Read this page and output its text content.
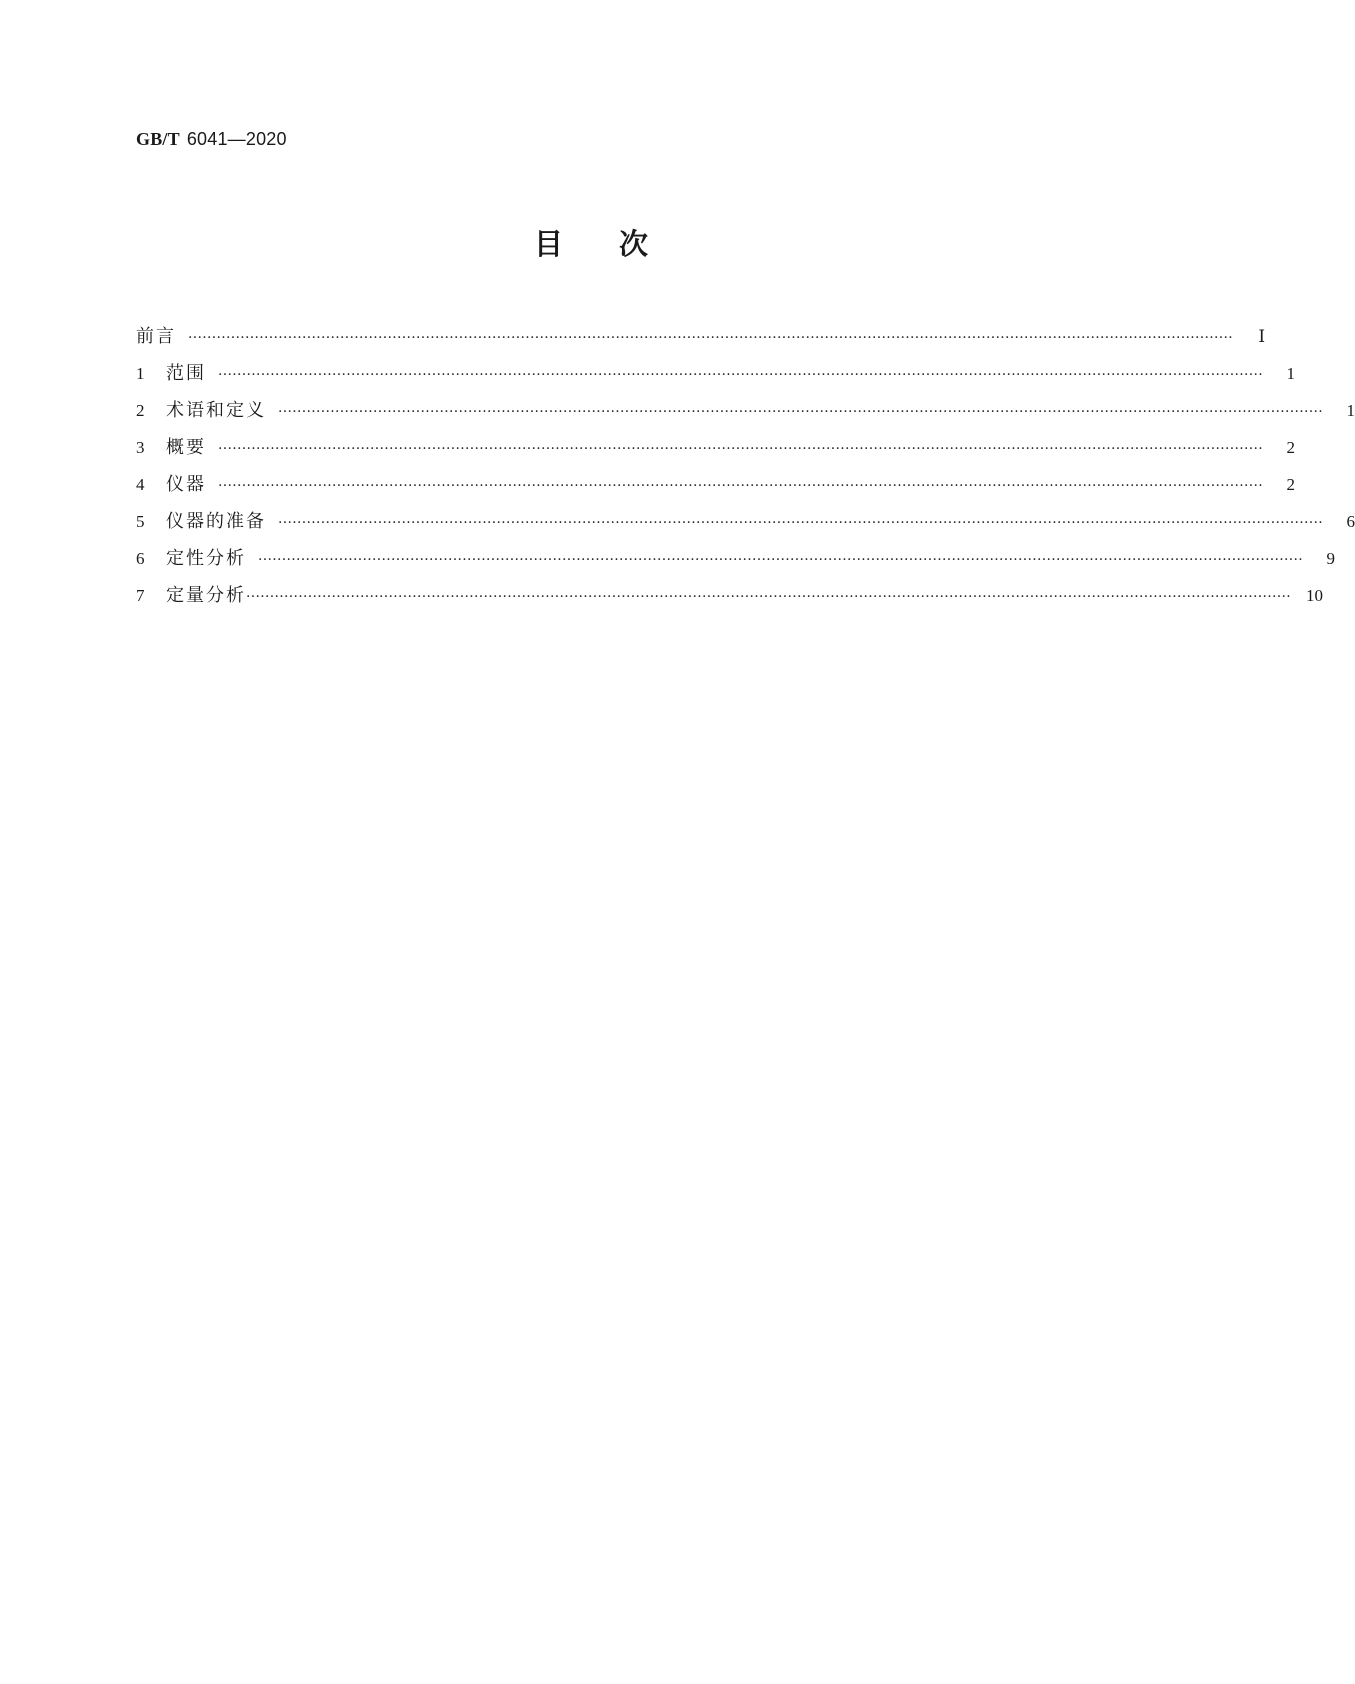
GB/T 6041—2020
目 次
前言 ····························································································································································································································	Ⅰ
1	范围 ····························································································································································································································	1
2	术语和定义 ····························································································································································································································	1
3	概要 ····························································································································································································································	2
4	仪器 ····························································································································································································································	2
5	仪器的准备 ····························································································································································································································	6
6	定性分析 ····························································································································································································································	9
7	定量分析 ···························································································································································································································· 10
